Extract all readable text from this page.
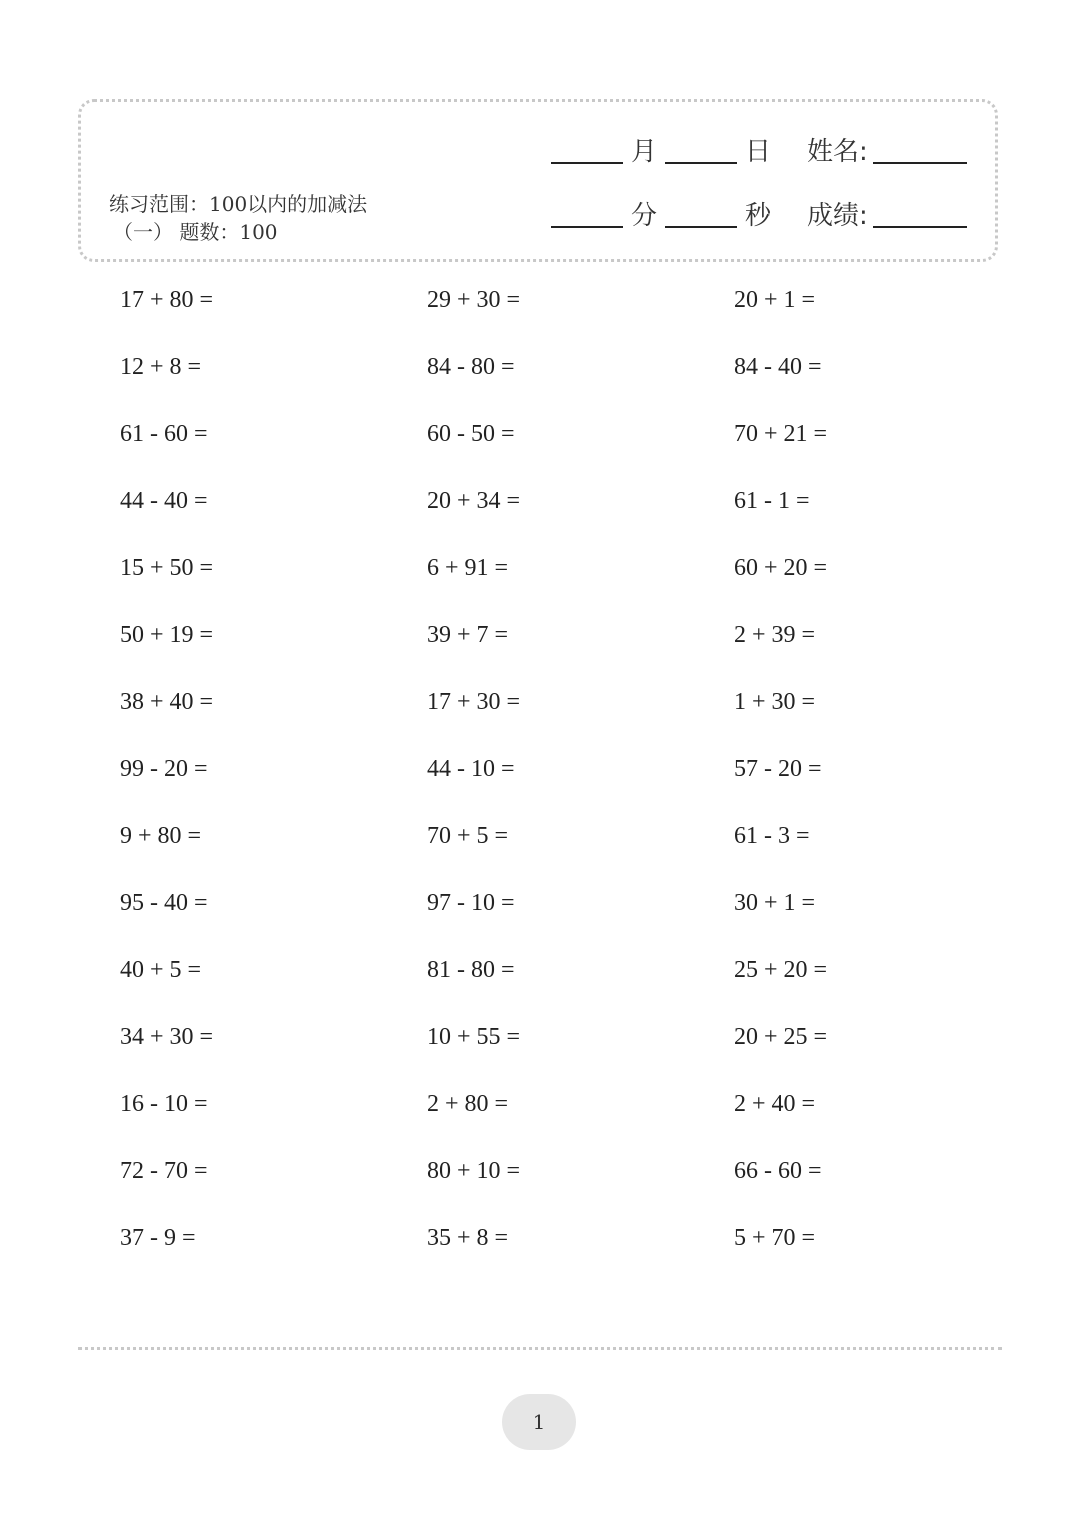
练习范围：100以内的加减法
（一） 题数：100
月	日 姓名:
分	秒 成绩:
17 + 80 =	29 + 30 =	20 + 1 =
12 + 8 =	84 - 80 =	84 - 40 =
61 - 60 =	60 - 50 =	70 + 21 =
44 - 40 =	20 + 34 =	61 - 1 =
15 + 50 =	6 + 91 =	60 + 20 =
50 + 19 =	39 + 7 =	2 + 39 =
38 + 40 =	17 + 30 =	1 + 30 =
99 - 20 =	44 - 10 =	57 - 20 =
9 + 80 =	70 + 5 =	61 - 3 =
95 - 40 =	97 - 10 =	30 + 1 =
40 + 5 =	81 - 80 =	25 + 20 =
34 + 30 =	10 + 55 =	20 + 25 =
16 - 10 =	2 + 80 =	2 + 40 =
72 - 70 =	80 + 10 =	66 - 60 =
37 - 9 =	35 + 8 =	5 + 70 =
1
